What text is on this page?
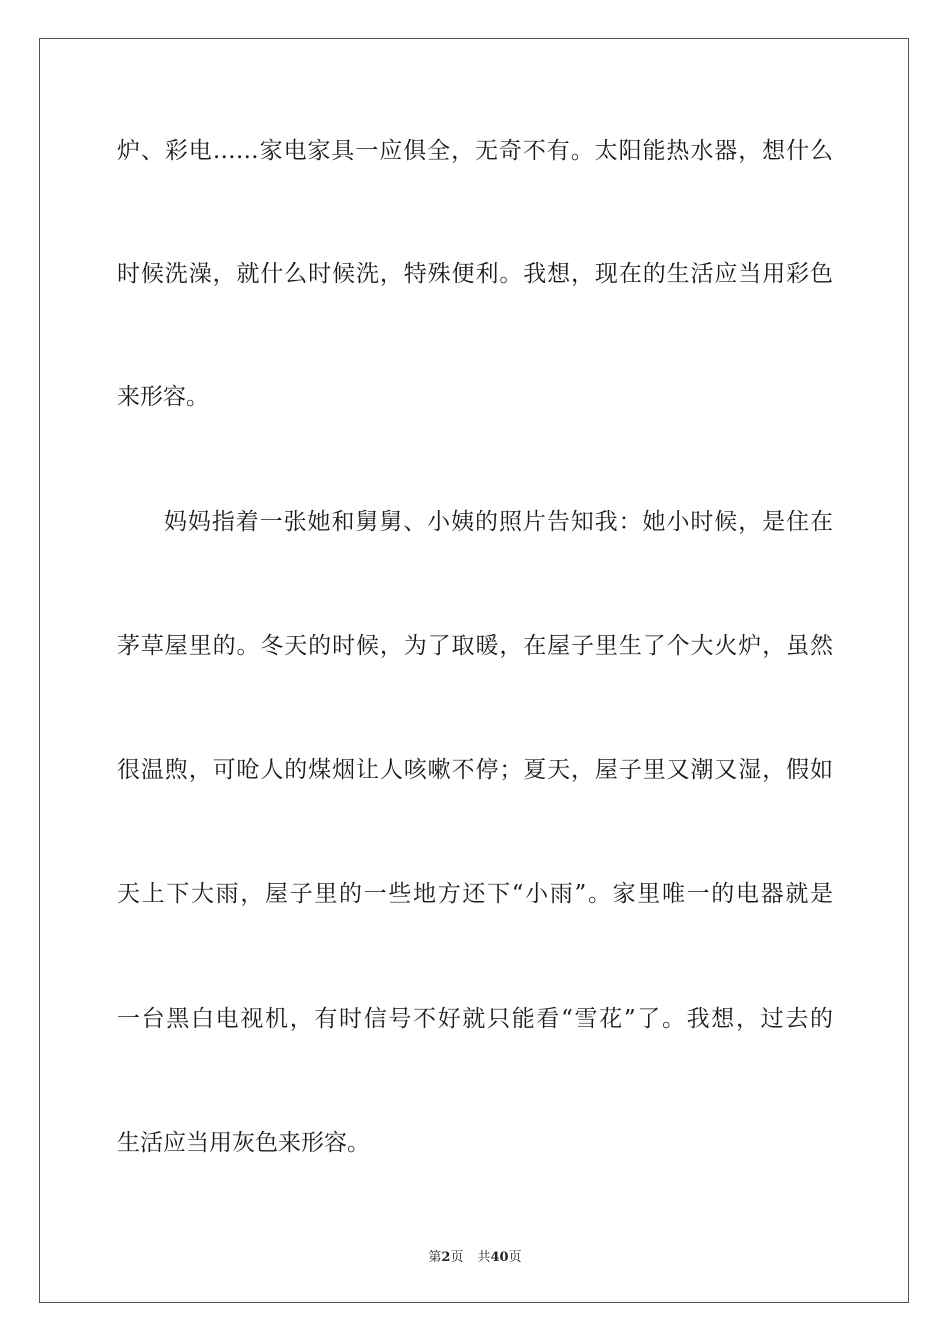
炉、彩电……家电家具一应俱全，无奇不有。太阳能热水器，想什么
时候洗澡，就什么时候洗，特殊便利。我想，现在的生活应当用彩色
来形容。
妈妈指着一张她和舅舅、小姨的照片告知我：她小时候，是住在
茅草屋里的。冬天的时候，为了取暖，在屋子里生了个大火炉，虽然
很温煦，可呛人的煤烟让人咳嗽不停；夏天，屋子里又潮又湿，假如
天上下大雨，屋子里的一些地方还下“小雨”。家里唯一的电器就是
一台黑白电视机，有时信号不好就只能看“雪花”了。我想，过去的
生活应当用灰色来形容。
第2页 共40页
